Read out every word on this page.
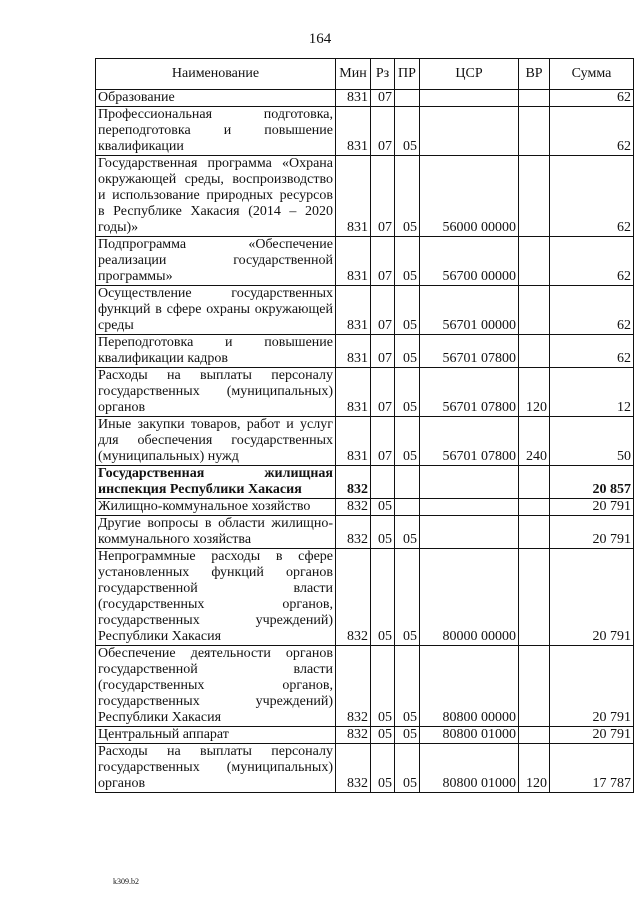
164
Наименование	Мин	Рз	ПР	ЦСР	ВР	Сумма
Образование	831	07				62
Профессиональная подготовка, переподготовка и повышение квалификации	831	07	05			62
Государственная программа «Охрана окружающей среды, воспроизводство и использование природных ресурсов в Республике Хакасия (2014 – 2020 годы)»	831	07	05	56000 00000		62
Подпрограмма «Обеспечение реализации государственной программы»	831	07	05	56700 00000		62
Осуществление государственных функций в сфере охраны окружающей среды	831	07	05	56701 00000		62
Переподготовка и повышение квалификации кадров	831	07	05	56701 07800		62
Расходы на выплаты персоналу государственных (муниципальных) органов	831	07	05	56701 07800	120	12
Иные закупки товаров, работ и услуг для обеспечения государственных (муниципальных) нужд	831	07	05	56701 07800	240	50
Государственная жилищная инспекция Республики Хакасия	832					20 857
Жилищно-коммунальное хозяйство	832	05				20 791
Другие вопросы в области жилищно-коммунального хозяйства	832	05	05			20 791
Непрограммные расходы в сфере установленных функций органов государственной власти (государственных органов, государственных учреждений) Республики Хакасия	832	05	05	80000 00000		20 791
Обеспечение деятельности органов государственной власти (государственных органов, государственных учреждений) Республики Хакасия	832	05	05	80800 00000		20 791
Центральный аппарат	832	05	05	80800 01000		20 791
Расходы на выплаты персоналу государственных (муниципальных) органов	832	05	05	80800 01000	120	17 787
k309.b2
